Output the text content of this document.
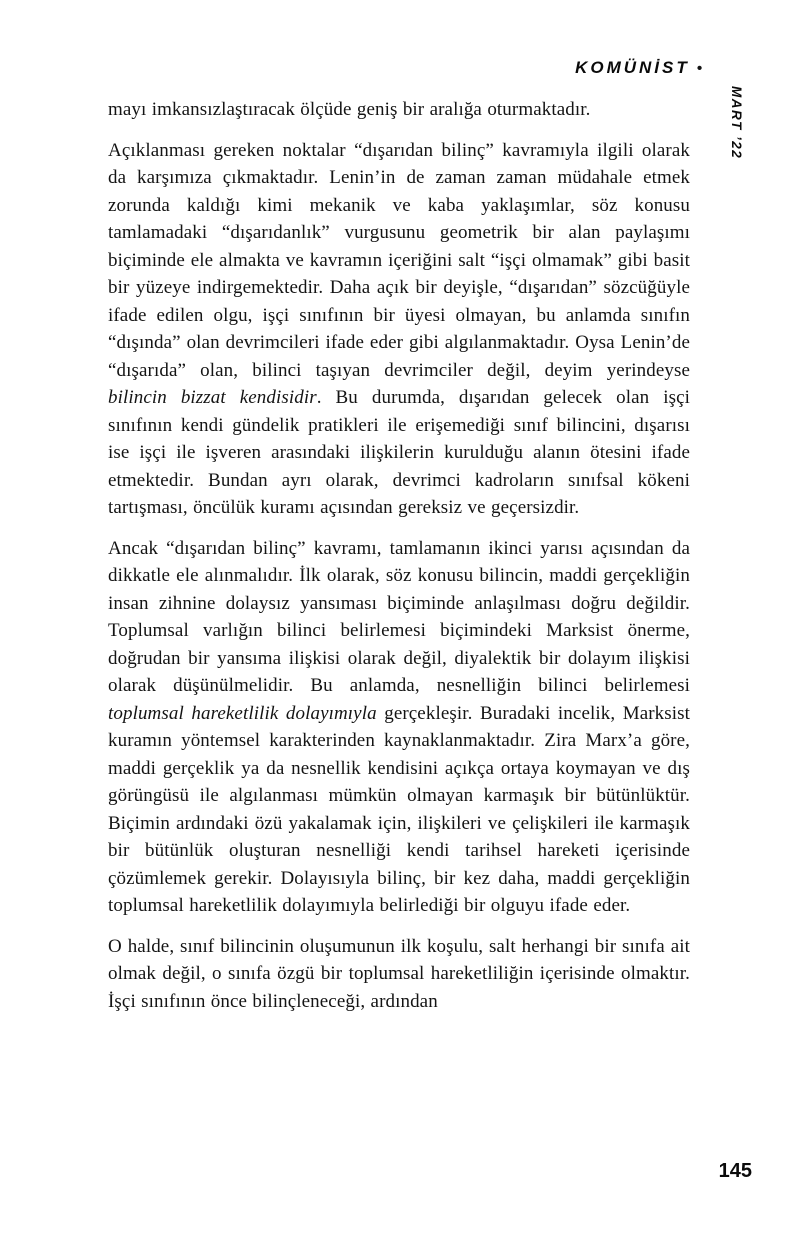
KOMÜNİST •
MART ’22

mayı imkansızlaştıracak ölçüde geniş bir aralığa oturmaktadır.

Açıklanması gereken noktalar “dışarıdan bilinç” kavramıyla ilgili olarak da karşımıza çıkmaktadır. Lenin’in de zaman zaman müdahale etmek zorunda kaldığı kimi mekanik ve kaba yaklaşımlar, söz konusu tamlamadaki “dışarıdanlık” vurgusunu geometrik bir alan paylaşımı biçiminde ele almakta ve kavramın içeriğini salt “işçi olmamak” gibi basit bir yüzeye indirgemektedir. Daha açık bir deyişle, “dışarıdan” sözcüğüyle ifade edilen olgu, işçi sınıfının bir üyesi olmayan, bu anlamda sınıfın “dışında” olan devrimcileri ifade eder gibi algılanmaktadır. Oysa Lenin’de “dışarıda” olan, bilinci taşıyan devrimciler değil, deyim yerindeyse bilincin bizzat kendisidir. Bu durumda, dışarıdan gelecek olan işçi sınıfının kendi gündelik pratikleri ile erişemediği sınıf bilincini, dışarısı ise işçi ile işveren arasındaki ilişkilerin kurulduğu alanın ötesini ifade etmektedir. Bundan ayrı olarak, devrimci kadroların sınıfsal kökeni tartışması, öncülük kuramı açısından gereksiz ve geçersizdir.

Ancak “dışarıdan bilinç” kavramı, tamlamanın ikinci yarısı açısından da dikkatle ele alınmalıdır. İlk olarak, söz konusu bilincin, maddi gerçekliğin insan zihnine dolaysız yansıması biçiminde anlaşılması doğru değildir. Toplumsal varlığın bilinci belirlemesi biçimindeki Marksist önerme, doğrudan bir yansıma ilişkisi olarak değil, diyalektik bir dolayım ilişkisi olarak düşünülmelidir. Bu anlamda, nesnelliğin bilinci belirlemesi toplumsal hareketlilik dolayımıyla gerçekleşir. Buradaki incelik, Marksist kuramın yöntemsel karakterinden kaynaklanmaktadır. Zira Marx’a göre, maddi gerçeklik ya da nesnellik kendisini açıkça ortaya koymayan ve dış görüngüsü ile algılanması mümkün olmayan karmaşık bir bütünlüktür. Biçimin ardındaki özü yakalamak için, ilişkileri ve çelişkileri ile karmaşık bir bütünlük oluşturan nesnelliği kendi tarihsel hareketi içerisinde çözümlemek gerekir. Dolayısıyla bilinç, bir kez daha, maddi gerçekliğin toplumsal hareketlilik dolayımıyla belirlediği bir olguyu ifade eder.

O halde, sınıf bilincinin oluşumunun ilk koşulu, salt herhangi bir sınıfa ait olmak değil, o sınıfa özgü bir toplumsal hareketliliğin içerisinde olmaktır. İşçi sınıfının önce bilinçleneceği, ardından

145
